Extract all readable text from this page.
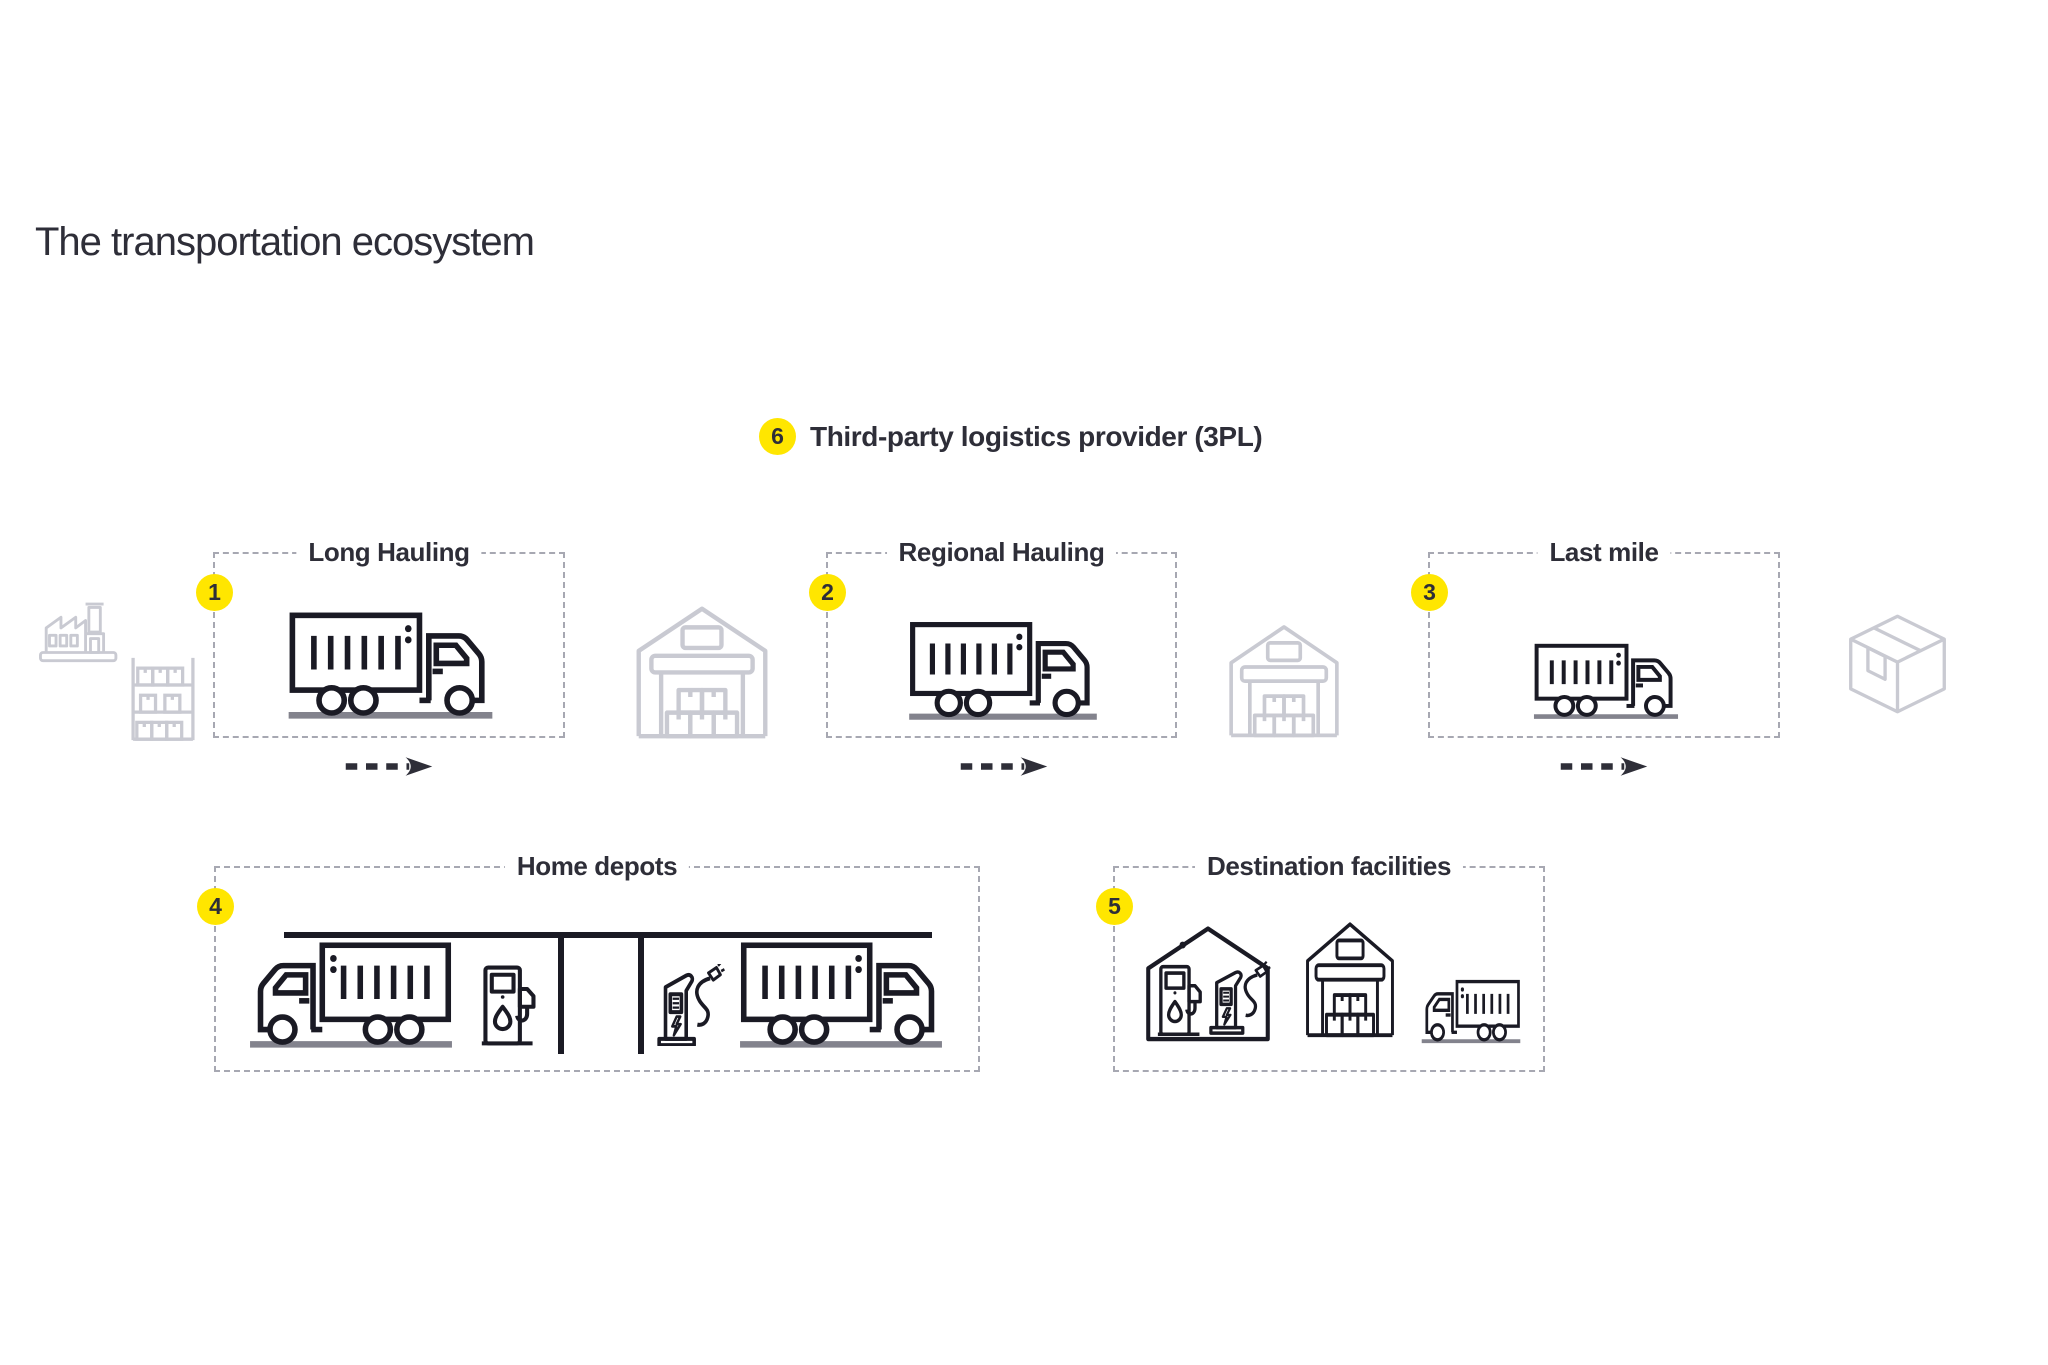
The transportation ecosystem
6 Third-party logistics provider (3PL)
1
Long Hauling
2
Regional Hauling
3
Last mile
4
Home depots
5
Destination facilities
